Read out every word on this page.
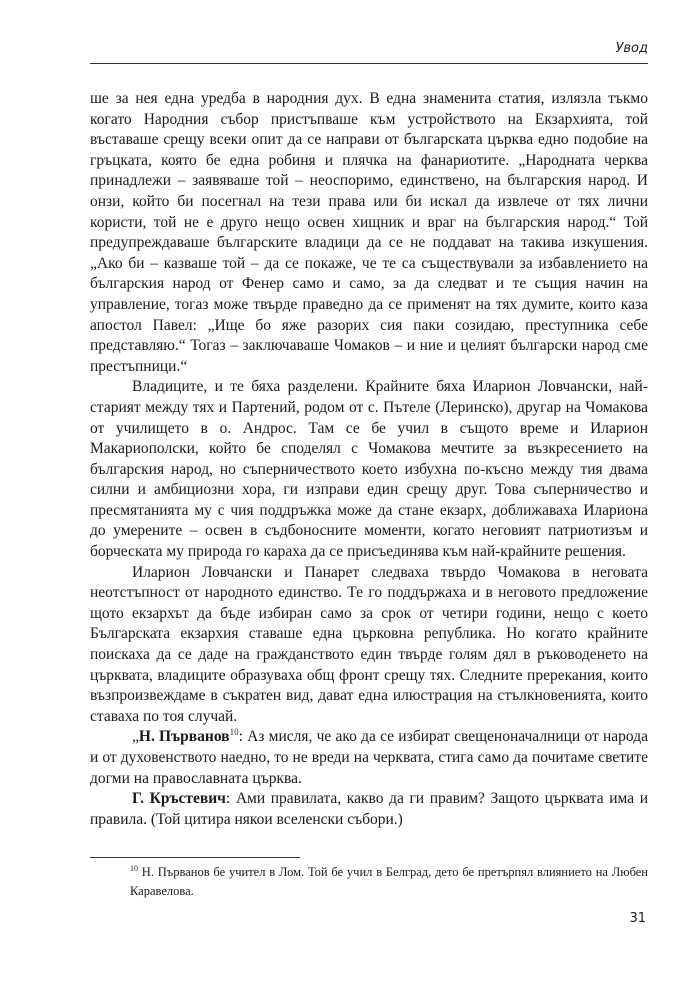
Увод

ше за нея една уредба в народния дух. В една знаменита статия, излязла тъкмо когато Народния събор пристъпваше към устройството на Екзархията, той въставаше срещу всеки опит да се направи от българската църква едно подобие на гръцката, която бе една робиня и плячка на фанариотите. „Народната черква принадлежи – заявяваше той – неоспоримо, единствено, на българския народ. И онзи, който би посегнал на тези права или би искал да извлече от тях лични користи, той не е друго нещо освен хищник и враг на българския народ.“ Той предупреждаваше българските владици да се не поддават на такива изкушения. „Ако би – казваше той – да се покаже, че те са съществували за избавлението на българския народ от Фенер само и само, за да следват и те същия начин на управление, тогаз може твърде праведно да се применят на тях думите, които каза апостол Павел: „Ище бо яже разорих сия паки созидаю, преступника себе представляю.“ Тогаз – заключаваше Чомаков – и ние и целият български народ сме престъпници.“

Владиците, и те бяха разделени. Крайните бяха Иларион Ловчански, най-старият между тях и Партений, родом от с. Пътеле (Леринско), другар на Чомакова от училището в о. Андрос. Там се бе учил в същото време и Иларион Макариополски, който бе споделял с Чомакова мечтите за възкресението на българския народ, но съперничеството което избухна по-късно между тия двама силни и амбициозни хора, ги изправи един срещу друг. Това съперничество и пресмятанията му с чия поддръжка може да стане екзарх, доближаваха Илариона до умерените – освен в съдбоносните моменти, когато неговият патриотизъм и борческата му природа го караха да се присъединява към най-крайните решения.

Иларион Ловчански и Панарет следваха твърдо Чомакова в неговата неотстъпност от народното единство. Те го поддържаха и в неговото предложение щото екзархът да бъде избиран само за срок от четири години, нещо с което Българската екзархия ставаше една църковна република. Но когато крайните поискаха да се даде на гражданството един твърде голям дял в ръководенето на църквата, владиците образуваха общ фронт срещу тях. Следните пререкания, които възпроизвеждаме в съкратен вид, дават една илюстрация на стълкновенията, които ставаха по тоя случай.

„Н. Първанов$^{10}$: Аз мисля, че ако да се избират свещеноначалници от народа и от духовенството наедно, то не вреди на черквата, стига само да почитаме светите догми на православната църква.

Г. Кръстевич: Ами правилата, какво да ги правим? Защото църквата има и правила. (Той цитира някои вселенски събори.)

$^{10}$ Н. Първанов бе учител в Лом. Той бе учил в Белград, дето бе претърпял влиянието на Любен Каравелова.
31
